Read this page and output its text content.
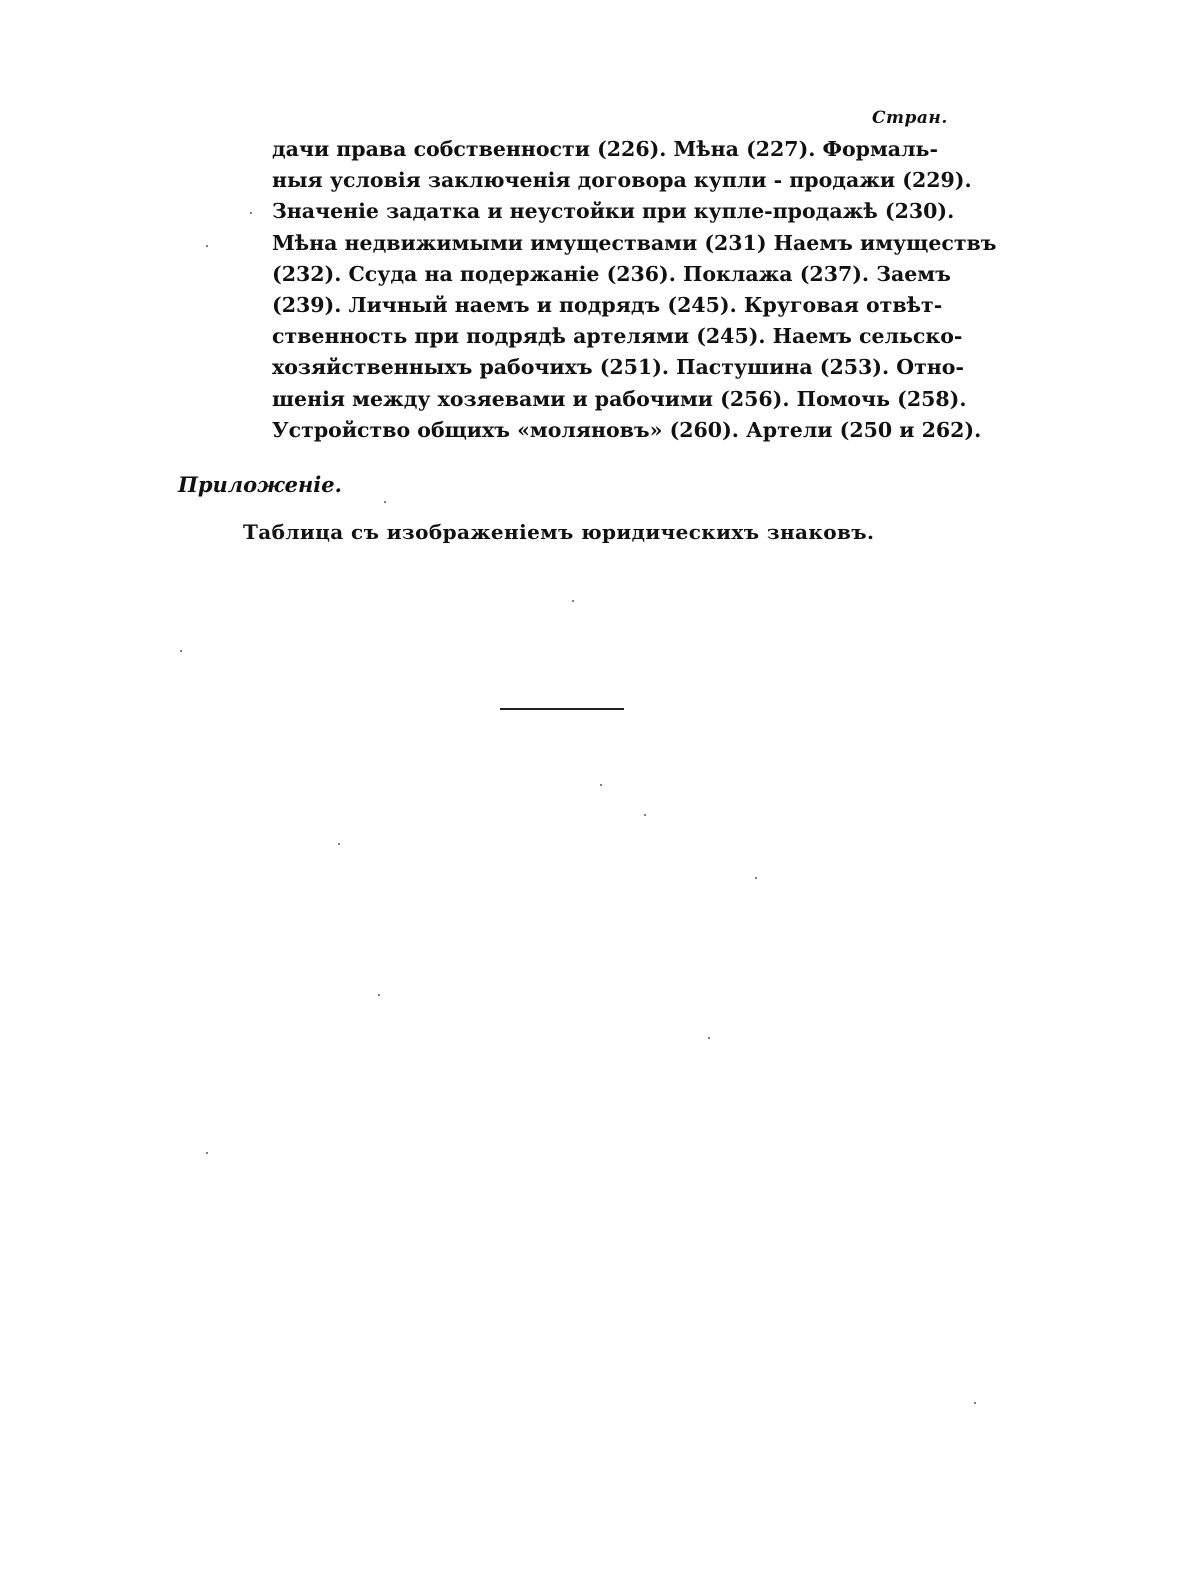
Стран.
дачи права собственности (226). Мѣна (227). Формаль-
ныя условія заключенія договора купли - продажи (229).
Значеніе задатка и неустойки при купле-продажѣ (230).
Мѣна недвижимыми имуществами (231) Наемъ имуществъ
(232). Ссуда на подержаніе (236). Поклажа (237). Заемъ
(239). Личный наемъ и подрядъ (245). Круговая отвѣт-
ственность при подрядѣ артелями (245). Наемъ сельско-
хозяйственныхъ рабочихъ (251). Пастушина (253). Отно-
шенія между хозяевами и рабочими (256). Помочь (258).
Устройство общихъ «моляновъ» (260). Артели (250 и 262).
Приложеніе.
Таблица съ изображеніемъ юридическихъ знаковъ.
